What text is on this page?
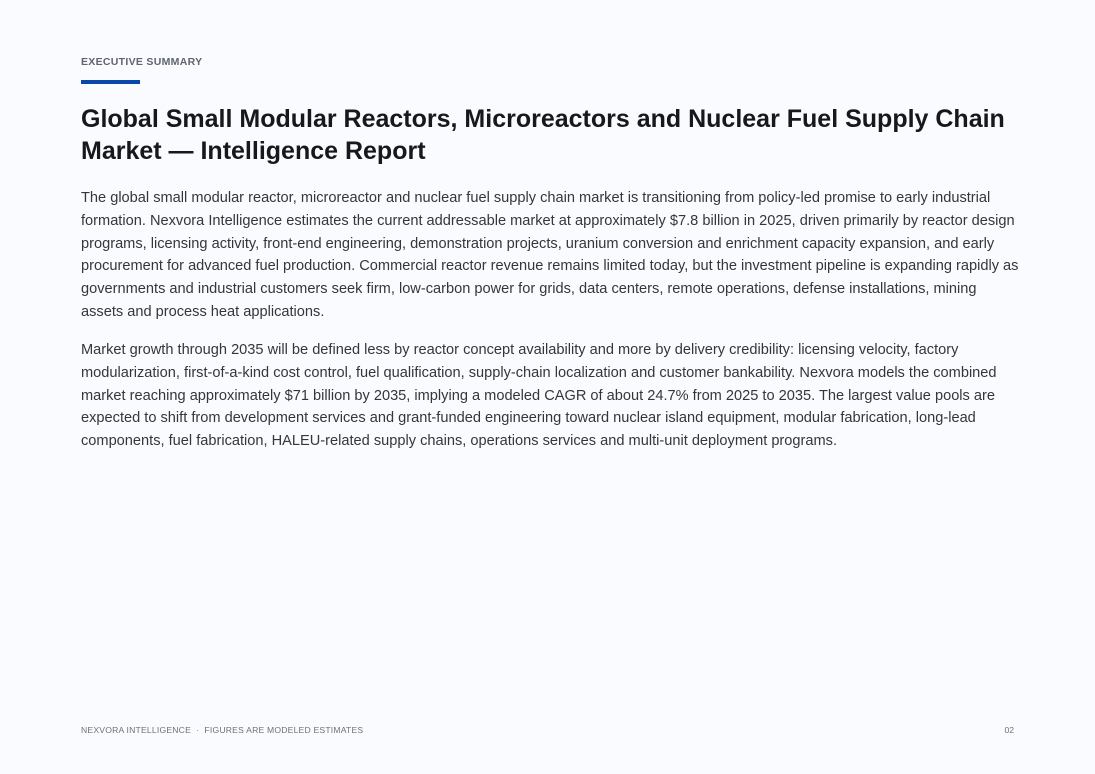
EXECUTIVE SUMMARY

Global Small Modular Reactors, Microreactors and Nuclear Fuel Supply Chain Market — Intelligence Report

The global small modular reactor, microreactor and nuclear fuel supply chain market is transitioning from policy-led promise to early industrial formation. Nexvora Intelligence estimates the current addressable market at approximately $7.8 billion in 2025, driven primarily by reactor design programs, licensing activity, front-end engineering, demonstration projects, uranium conversion and enrichment capacity expansion, and early procurement for advanced fuel production. Commercial reactor revenue remains limited today, but the investment pipeline is expanding rapidly as governments and industrial customers seek firm, low-carbon power for grids, data centers, remote operations, defense installations, mining assets and process heat applications.

Market growth through 2035 will be defined less by reactor concept availability and more by delivery credibility: licensing velocity, factory modularization, first-of-a-kind cost control, fuel qualification, supply-chain localization and customer bankability. Nexvora models the combined market reaching approximately $71 billion by 2035, implying a modeled CAGR of about 24.7% from 2025 to 2035. The largest value pools are expected to shift from development services and grant-funded engineering toward nuclear island equipment, modular fabrication, long-lead components, fuel fabrication, HALEU-related supply chains, operations services and multi-unit deployment programs.

NEXVORA INTELLIGENCE  ·  FIGURES ARE MODELED ESTIMATES	02
